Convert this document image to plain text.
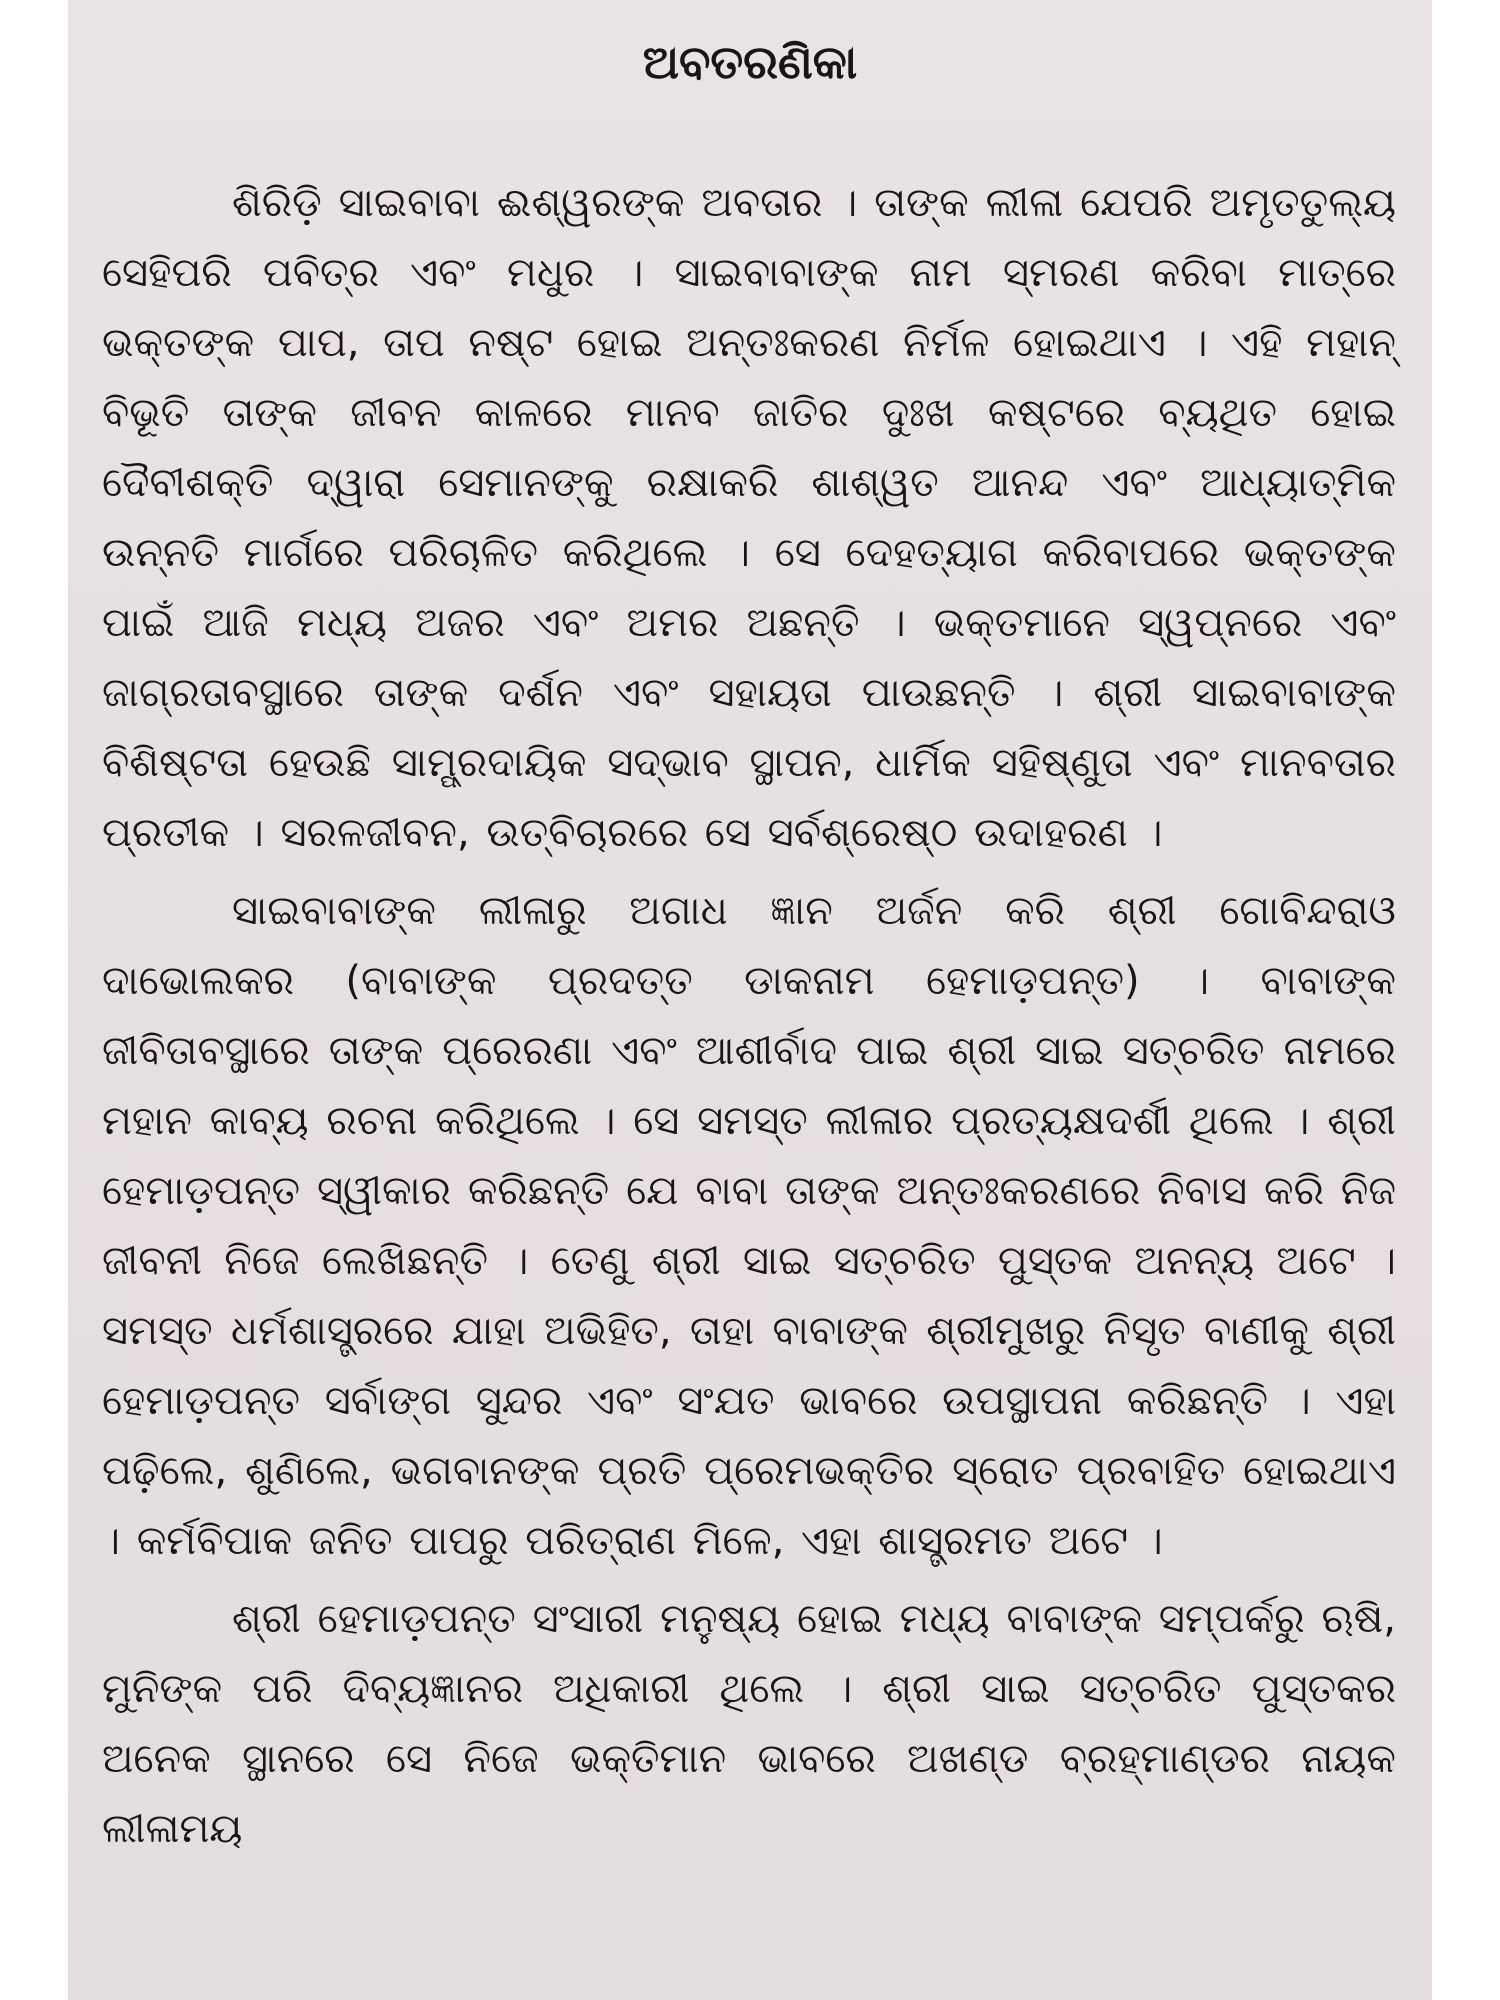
ଅବତରଣିକା

ଶିରିଡ଼ି ସାଇବାବା ଈଶ୍ୱରଙ୍କ ଅବତାର । ତାଙ୍କ ଲୀଳା ଯେପରି ଅମୃତତୁଲ୍ୟ ସେହିପରି ପବିତ୍ର ଏବଂ ମଧୁର । ସାଇବାବାଙ୍କ ନାମ ସ୍ମରଣ କରିବା ମାତ୍ରେ ଭକ୍ତଙ୍କ ପାପ, ତାପ ନଷ୍ଟ ହୋଇ ଅନ୍ତଃକରଣ ନିର୍ମଳ ହୋଇଥାଏ । ଏହି ମହାନ୍ ବିଭୂତି ତାଙ୍କ ଜୀବନ କାଳରେ ମାନବ ଜାତିର ଦୁଃଖ କଷ୍ଟରେ ବ୍ୟଥିତ ହୋଇ ଦୈବୀଶକ୍ତି ଦ୍ୱାରା ସେମାନଙ୍କୁ ରକ୍ଷାକରି ଶାଶ୍ୱତ ଆନନ୍ଦ ଏବଂ ଆଧ୍ୟାତ୍ମିକ ଉନ୍ନତି ମାର୍ଗରେ ପରିଚାଳିତ କରିଥିଲେ । ସେ ଦେହତ୍ୟାଗ କରିବାପରେ ଭକ୍ତଙ୍କ ପାଇଁ ଆଜି ମଧ୍ୟ ଅଜର ଏବଂ ଅମର ଅଛନ୍ତି । ଭକ୍ତମାନେ ସ୍ୱପ୍ନରେ ଏବଂ ଜାଗ୍ରତାବସ୍ଥାରେ ତାଙ୍କ ଦର୍ଶନ ଏବଂ ସହାୟତା ପାଉଛନ୍ତି । ଶ୍ରୀ ସାଇବାବାଙ୍କ ବିଶିଷ୍ଟତା ହେଉଛି ସାମ୍ପ୍ରଦାୟିକ ସଦ୍‌ଭାବ ସ୍ଥାପନ, ଧାର୍ମିକ ସହିଷ୍ଣୁତା ଏବଂ ମାନବତାର ପ୍ରତୀକ । ସରଳଜୀବନ, ଉତ୍‌ବିଚାରରେ ସେ ସର୍ବଶ୍ରେଷ୍ଠ ଉଦାହରଣ ।

ସାଇବାବାଙ୍କ ଲୀଳାରୁ ଅଗାଧ ଜ୍ଞାନ ଅର୍ଜନ କରି ଶ୍ରୀ ଗୋବିନ୍ଦରାଓ ଦାଭୋଲକର (ବାବାଙ୍କ ପ୍ରଦତ୍ତ ଡାକନାମ ହେମାଡ଼ପନ୍ତ) । ବାବାଙ୍କ ଜୀବିତାବସ୍ଥାରେ ତାଙ୍କ ପ୍ରେରଣା ଏବଂ ଆଶୀର୍ବାଦ ପାଇ ଶ୍ରୀ ସାଇ ସତ୍‌ଚରିତ ନାମରେ ମହାନ କାବ୍ୟ ରଚନା କରିଥିଲେ । ସେ ସମସ୍ତ ଲୀଳାର ପ୍ରତ୍ୟକ୍ଷଦର୍ଶୀ ଥିଲେ । ଶ୍ରୀ ହେମାଡ଼ପନ୍ତ ସ୍ୱୀକାର କରିଛନ୍ତି ଯେ ବାବା ତାଙ୍କ ଅନ୍ତଃକରଣରେ ନିବାସ କରି ନିଜ ଜୀବନୀ ନିଜେ ଲେଖିଛନ୍ତି । ତେଣୁ ଶ୍ରୀ ସାଇ ସତ୍‌ଚରିତ ପୁସ୍ତକ ଅନନ୍ୟ ଅଟେ । ସମସ୍ତ ଧର୍ମଶାସ୍ତ୍ରରେ ଯାହା ଅଭିହିତ, ତାହା ବାବାଙ୍କ ଶ୍ରୀମୁଖରୁ ନିସୃତ ବାଣୀକୁ ଶ୍ରୀ ହେମାଡ଼ପନ୍ତ ସର୍ବାଙ୍ଗ ସୁନ୍ଦର ଏବଂ ସଂଯତ ଭାବରେ ଉପସ୍ଥାପନା କରିଛନ୍ତି । ଏହା ପଢ଼ିଲେ, ଶୁଣିଲେ, ଭଗବାନଙ୍କ ପ୍ରତି ପ୍ରେମଭକ୍ତିର ସ୍ରୋତ ପ୍ରବାହିତ ହୋଇଥାଏ । କର୍ମବିପାକ ଜନିତ ପାପରୁ ପରିତ୍ରାଣ ମିଳେ, ଏହା ଶାସ୍ତ୍ରମତ ଅଟେ ।

ଶ୍ରୀ ହେମାଡ଼ପନ୍ତ ସଂସାରୀ ମନୁଷ୍ୟ ହୋଇ ମଧ୍ୟ ବାବାଙ୍କ ସମ୍ପର୍କରୁ ଋଷି, ମୁନିଙ୍କ ପରି ଦିବ୍ୟଜ୍ଞାନର ଅଧିକାରୀ ଥିଲେ । ଶ୍ରୀ ସାଇ ସତ୍‌ଚରିତ ପୁସ୍ତକର ଅନେକ ସ୍ଥାନରେ ସେ ନିଜେ ଭକ୍ତିମାନ ଭାବରେ ଅଖଣ୍ଡ ବ୍ରହ୍ମାଣ୍ଡର ନାୟକ ଲୀଳାମୟ
